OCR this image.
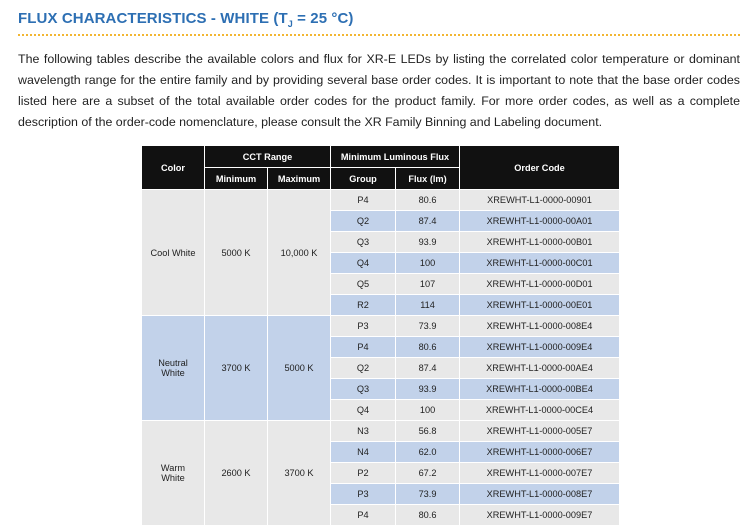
FLUX CHARACTERISTICS - WHITE ($T_J = 25$ °C)
The following tables describe the available colors and flux for XR-E LEDs by listing the correlated color temperature or dominant wavelength range for the entire family and by providing several base order codes. It is important to note that the base order codes listed here are a subset of the total available order codes for the product family. For more order codes, as well as a complete description of the order-code nomenclature, please consult the XR Family Binning and Labeling document.
Color	CCT Range		Minimum Luminous Flux		Order Code
	Minimum	Maximum	Group	Flux (lm)	
Cool White	5000 K	10,000 K	P4	80.6	XREWHT-L1-0000-00901
			Q2	87.4	XREWHT-L1-0000-00A01
			Q3	93.9	XREWHT-L1-0000-00B01
			Q4	100	XREWHT-L1-0000-00C01
			Q5	107	XREWHT-L1-0000-00D01
			R2	114	XREWHT-L1-0000-00E01
Neutral White	3700 K	5000 K	P3	73.9	XREWHT-L1-0000-008E4
			P4	80.6	XREWHT-L1-0000-009E4
			Q2	87.4	XREWHT-L1-0000-00AE4
			Q3	93.9	XREWHT-L1-0000-00BE4
			Q4	100	XREWHT-L1-0000-00CE4
Warm White	2600 K	3700 K	N3	56.8	XREWHT-L1-0000-005E7
			N4	62.0	XREWHT-L1-0000-006E7
			P2	67.2	XREWHT-L1-0000-007E7
			P3	73.9	XREWHT-L1-0000-008E7
			P4	80.6	XREWHT-L1-0000-009E7
